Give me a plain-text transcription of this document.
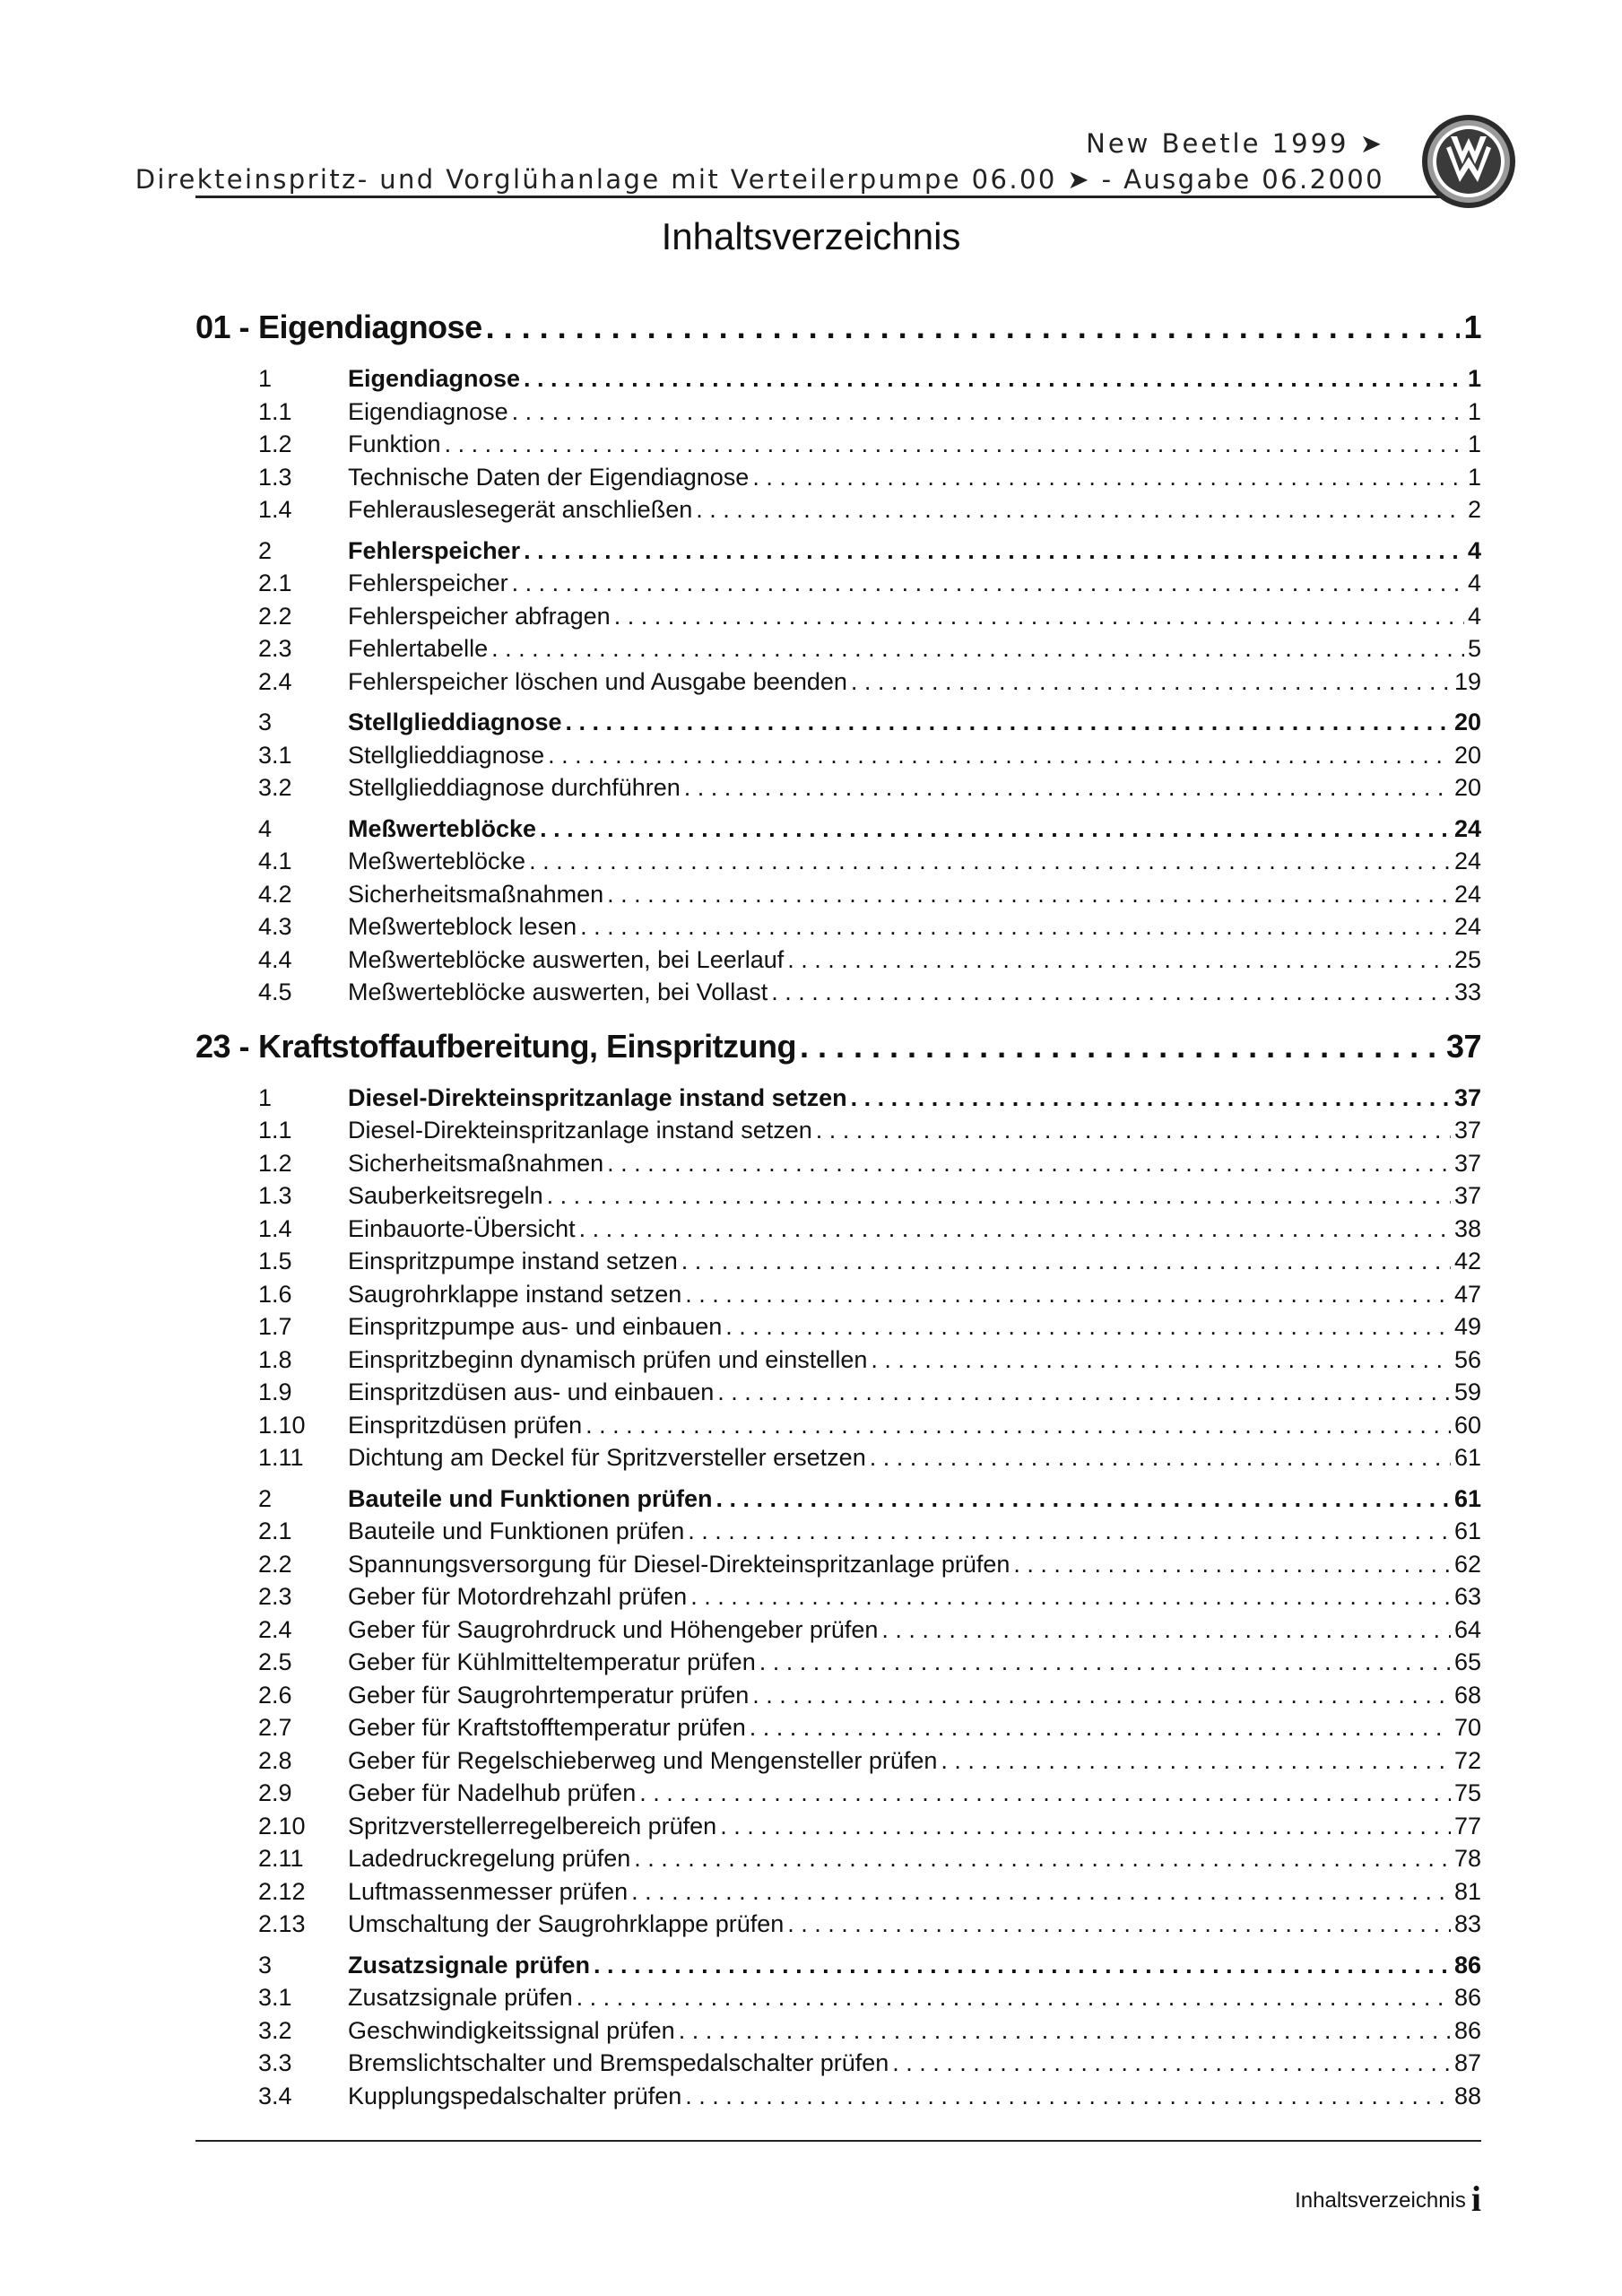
New Beetle 1999 ➤
Direkteinspritz- und Vorglühanlage mit Verteilerpumpe 06.00 ➤ - Ausgabe 06.2000
Inhaltsverzeichnis
01 - Eigendiagnose . . .	1
1	Eigendiagnose . . .	1
1.1	Eigendiagnose . . .	1
1.2	Funktion . . .	1
1.3	Technische Daten der Eigendiagnose . . .	1
1.4	Fehlerauslesegerät anschließen . . .	2
2	Fehlerspeicher . . .	4
2.1	Fehlerspeicher . . .	4
2.2	Fehlerspeicher abfragen . . .	4
2.3	Fehlertabelle . . .	5
2.4	Fehlerspeicher löschen und Ausgabe beenden . . .	19
3	Stellglieddiagnose . . .	20
3.1	Stellglieddiagnose . . .	20
3.2	Stellglieddiagnose durchführen . . .	20
4	Meßwerteblöcke . . .	24
4.1	Meßwerteblöcke . . .	24
4.2	Sicherheitsmaßnahmen . . .	24
4.3	Meßwerteblock lesen . . .	24
4.4	Meßwerteblöcke auswerten, bei Leerlauf . . .	25
4.5	Meßwerteblöcke auswerten, bei Vollast . . .	33
23 - Kraftstoffaufbereitung, Einspritzung . . .	37
1	Diesel-Direkteinspritzanlage instand setzen . . .	37
1.1	Diesel-Direkteinspritzanlage instand setzen . . .	37
1.2	Sicherheitsmaßnahmen . . .	37
1.3	Sauberkeitsregeln . . .	37
1.4	Einbauorte-Übersicht . . .	38
1.5	Einspritzpumpe instand setzen . . .	42
1.6	Saugrohrklappe instand setzen . . .	47
1.7	Einspritzpumpe aus- und einbauen . . .	49
1.8	Einspritzbeginn dynamisch prüfen und einstellen . . .	56
1.9	Einspritzdüsen aus- und einbauen . . .	59
1.10	Einspritzdüsen prüfen . . .	60
1.11	Dichtung am Deckel für Spritzversteller ersetzen . . .	61
2	Bauteile und Funktionen prüfen . . .	61
2.1	Bauteile und Funktionen prüfen . . .	61
2.2	Spannungsversorgung für Diesel-Direkteinspritzanlage prüfen . . .	62
2.3	Geber für Motordrehzahl prüfen . . .	63
2.4	Geber für Saugrohrdruck und Höhengeber prüfen . . .	64
2.5	Geber für Kühlmitteltemperatur prüfen . . .	65
2.6	Geber für Saugrohrtemperatur prüfen . . .	68
2.7	Geber für Kraftstofftemperatur prüfen . . .	70
2.8	Geber für Regelschieberweg und Mengensteller prüfen . . .	72
2.9	Geber für Nadelhub prüfen . . .	75
2.10	Spritzverstellerregelbereich prüfen . . .	77
2.11	Ladedruckregelung prüfen . . .	78
2.12	Luftmassenmesser prüfen . . .	81
2.13	Umschaltung der Saugrohrklappe prüfen . . .	83
3	Zusatzsignale prüfen . . .	86
3.1	Zusatzsignale prüfen . . .	86
3.2	Geschwindigkeitssignal prüfen . . .	86
3.3	Bremslichtschalter und Bremspedalschalter prüfen . . .	87
3.4	Kupplungspedalschalter prüfen . . .	88
Inhaltsverzeichnis i
